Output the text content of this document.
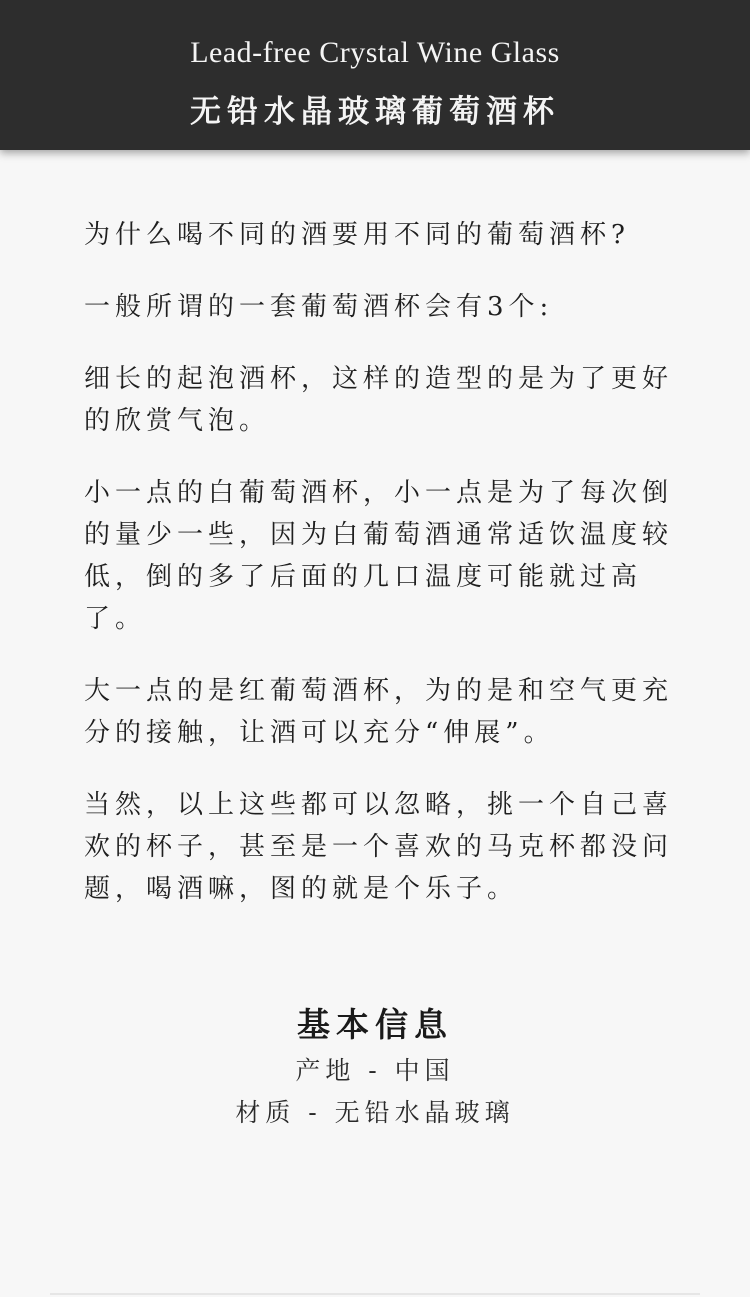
Lead-free Crystal Wine Glass
无铅水晶玻璃葡萄酒杯

为什么喝不同的酒要用不同的葡萄酒杯?

一般所谓的一套葡萄酒杯会有3个:

细长的起泡酒杯，这样的造型的是为了更好的欣赏气泡。

小一点的白葡萄酒杯，小一点是为了每次倒的量少一些，因为白葡萄酒通常适饮温度较低，倒的多了后面的几口温度可能就过高了。

大一点的是红葡萄酒杯，为的是和空气更充分的接触，让酒可以充分“伸展”。

当然，以上这些都可以忽略，挑一个自己喜欢的杯子，甚至是一个喜欢的马克杯都没问题，喝酒嘛，图的就是个乐子。

基本信息
产地 - 中国
材质 - 无铅水晶玻璃
